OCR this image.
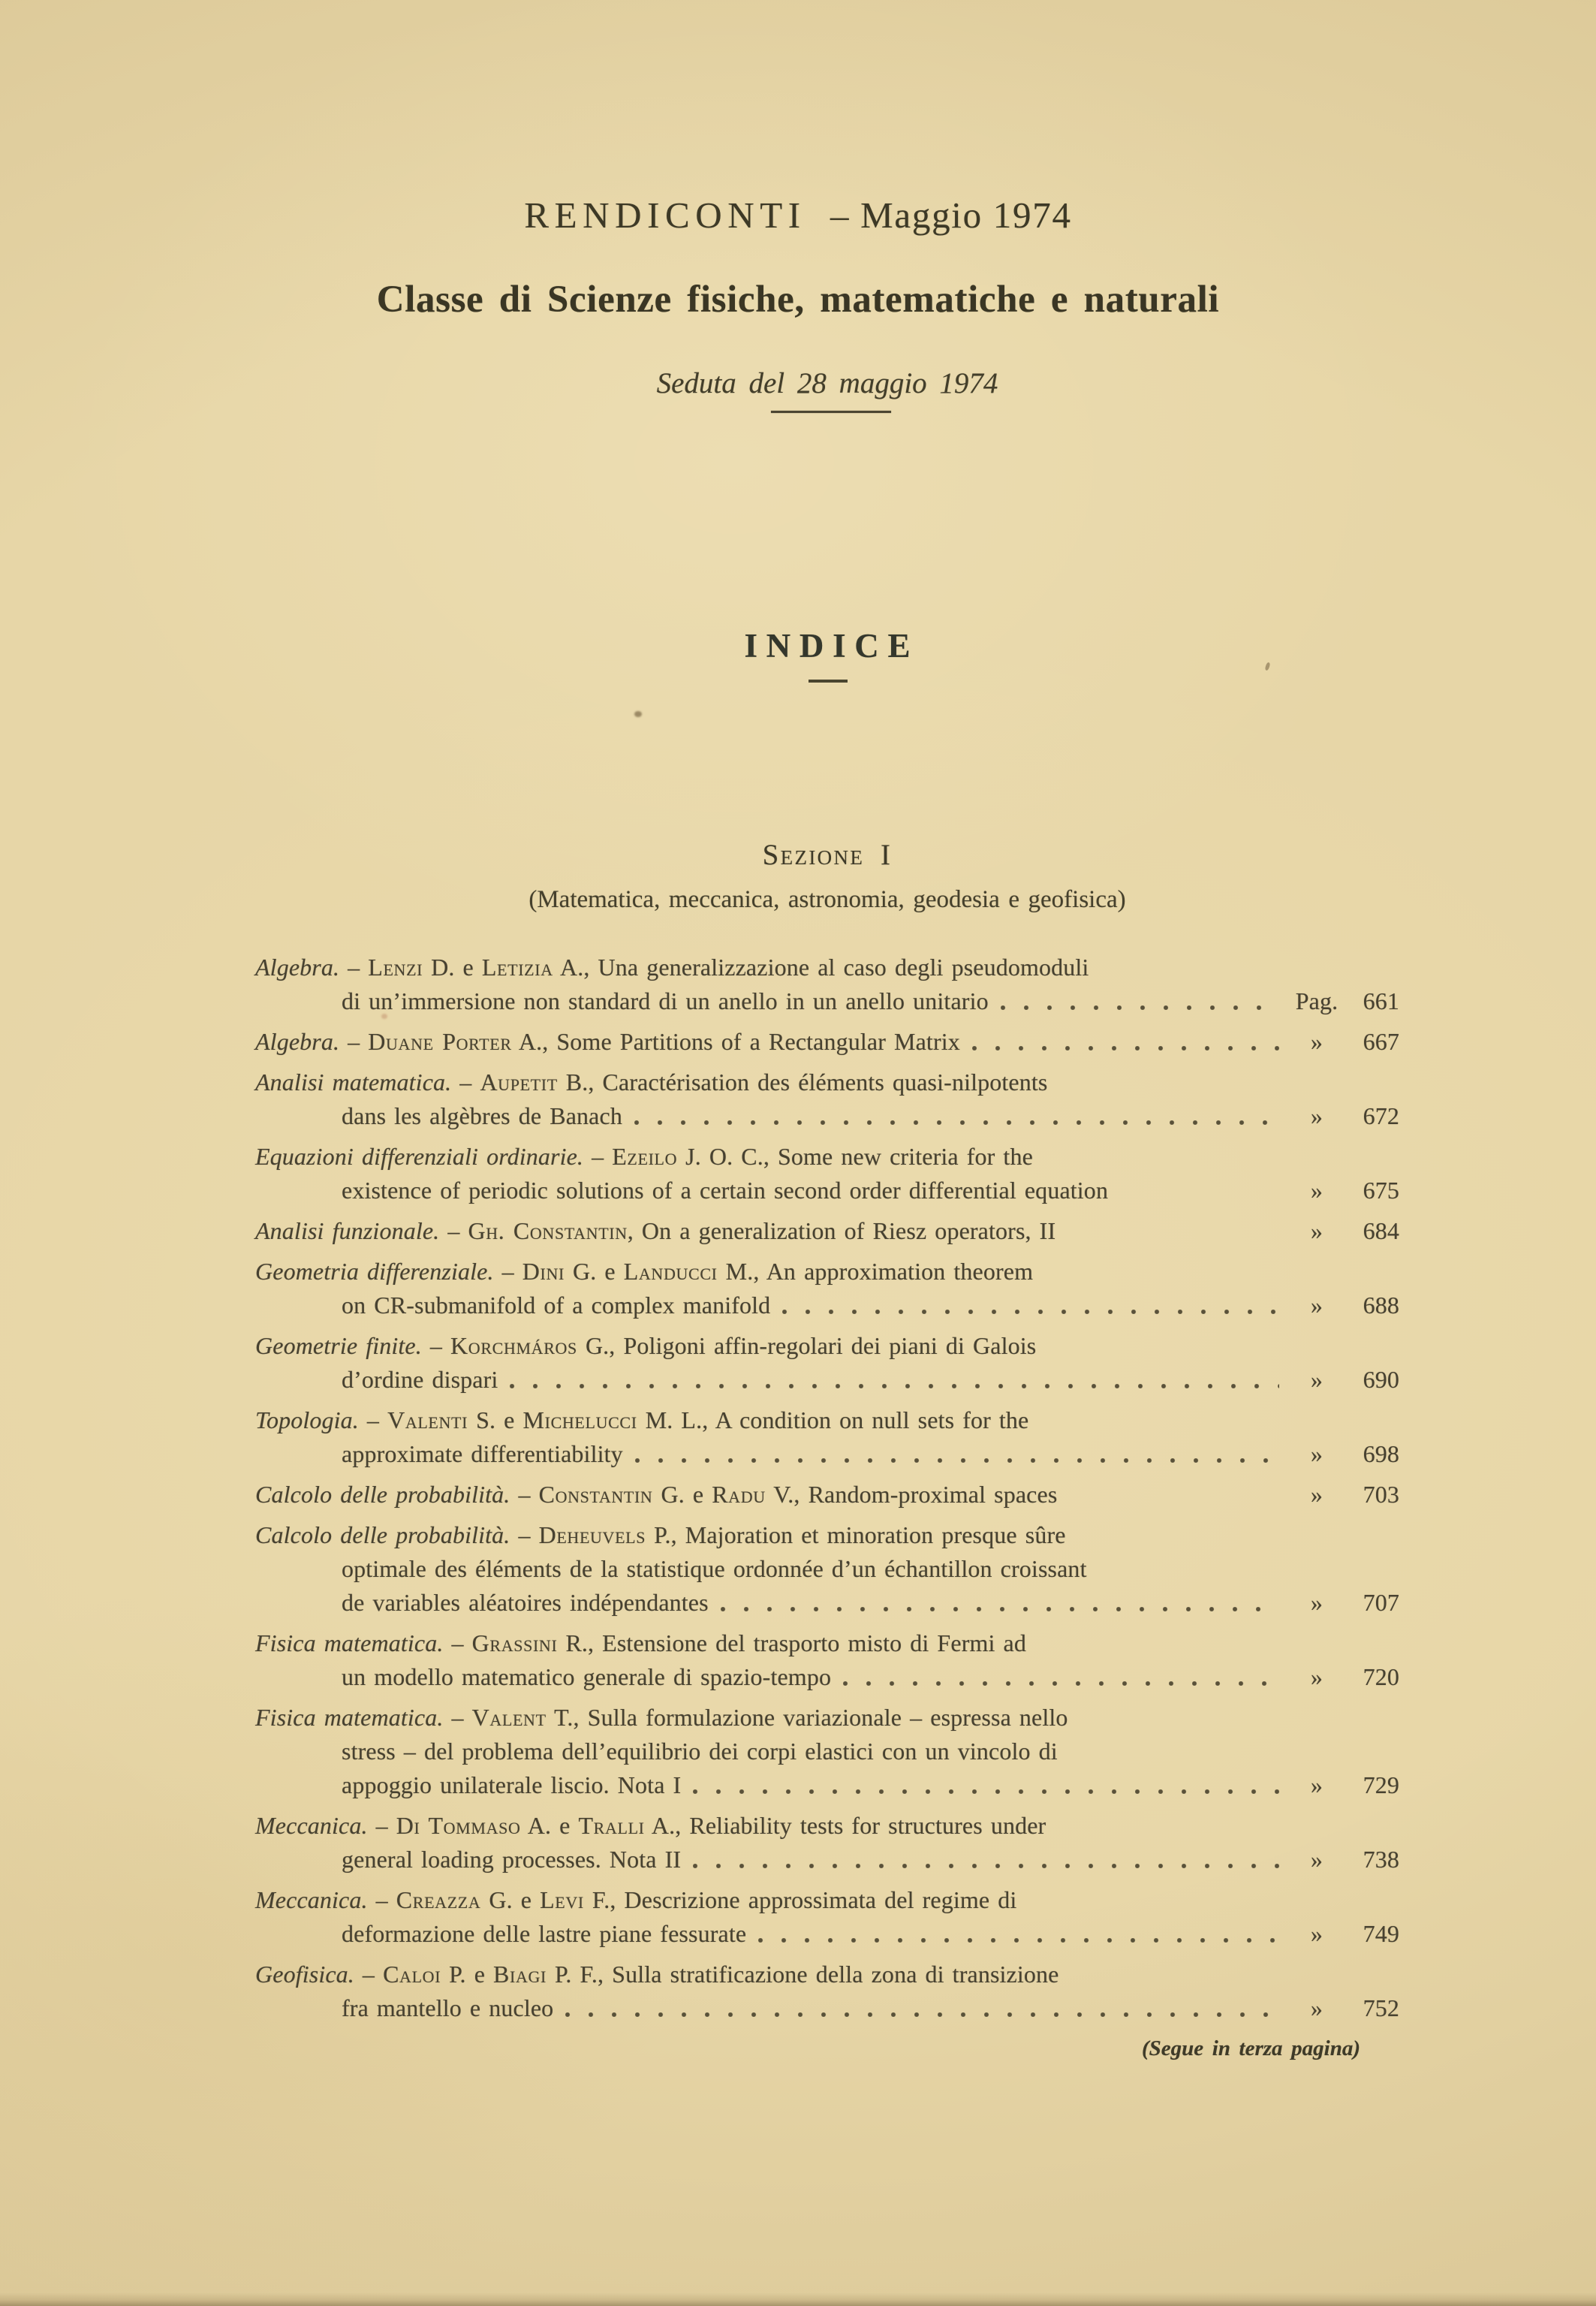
RENDICONTI – Maggio 1974
Classe di Scienze fisiche, matematiche e naturali
Seduta del 28 maggio 1974
INDICE
Sezione I
(Matematica, meccanica, astronomia, geodesia e geofisica)
Algebra. – Lenzi D. e Letizia A., Una generalizzazione al caso degli pseudomoduli
di un’immersione non standard di un anello in un anello unitario	Pag.	661
Algebra. – Duane Porter A., Some Partitions of a Rectangular Matrix	»	667
Analisi matematica. – Aupetit B., Caractérisation des éléments quasi-nilpotents
dans les algèbres de Banach	»	672
Equazioni differenziali ordinarie. – Ezeilo J. O. C., Some new criteria for the
existence of periodic solutions of a certain second order differential equation	»	675
Analisi funzionale. – Gh. Constantin, On a generalization of Riesz operators, II	»	684
Geometria differenziale. – Dini G. e Landucci M., An approximation theorem
on CR-submanifold of a complex manifold	»	688
Geometrie finite. – Korchmáros G., Poligoni affin-regolari dei piani di Galois
d’ordine dispari	»	690
Topologia. – Valenti S. e Michelucci M. L., A condition on null sets for the
approximate differentiability	»	698
Calcolo delle probabilità. – Constantin G. e Radu V., Random-proximal spaces	»	703
Calcolo delle probabilità. – Deheuvels P., Majoration et minoration presque sûre
optimale des éléments de la statistique ordonnée d’un échantillon croissant
de variables aléatoires indépendantes	»	707
Fisica matematica. – Grassini R., Estensione del trasporto misto di Fermi ad
un modello matematico generale di spazio-tempo	»	720
Fisica matematica. – Valent T., Sulla formulazione variazionale – espressa nello
stress – del problema dell’equilibrio dei corpi elastici con un vincolo di
appoggio unilaterale liscio. Nota I	»	729
Meccanica. – Di Tommaso A. e Tralli A., Reliability tests for structures under
general loading processes. Nota II	»	738
Meccanica. – Creazza G. e Levi F., Descrizione approssimata del regime di
deformazione delle lastre piane fessurate	»	749
Geofisica. – Caloi P. e Biagi P. F., Sulla stratificazione della zona di transizione
fra mantello e nucleo	»	752
(Segue in terza pagina)
